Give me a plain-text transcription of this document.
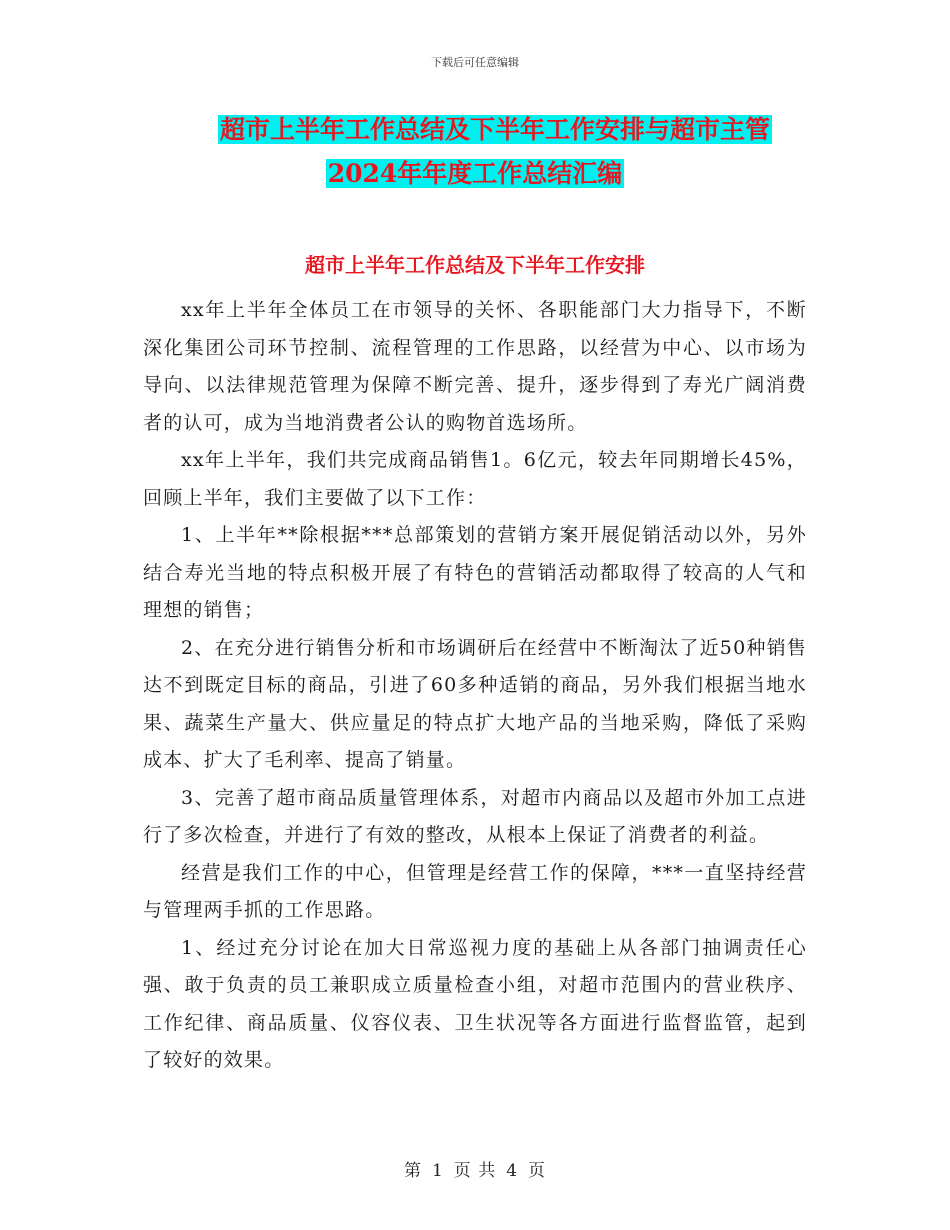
下载后可任意编辑
超市上半年工作总结及下半年工作安排与超市主管
2024年年度工作总结汇编
超市上半年工作总结及下半年工作安排

xx年上半年全体员工在市领导的关怀、各职能部门大力指导下，不断深化集团公司环节控制、流程管理的工作思路，以经营为中心、以市场为导向、以法律规范管理为保障不断完善、提升，逐步得到了寿光广阔消费者的认可，成为当地消费者公认的购物首选场所。

xx年上半年，我们共完成商品销售1。6亿元，较去年同期增长45%，回顾上半年，我们主要做了以下工作：

1、上半年**除根据***总部策划的营销方案开展促销活动以外，另外结合寿光当地的特点积极开展了有特色的营销活动都取得了较高的人气和理想的销售；

2、在充分进行销售分析和市场调研后在经营中不断淘汰了近50种销售达不到既定目标的商品，引进了60多种适销的商品，另外我们根据当地水果、蔬菜生产量大、供应量足的特点扩大地产品的当地采购，降低了采购成本、扩大了毛利率、提高了销量。

3、完善了超市商品质量管理体系，对超市内商品以及超市外加工点进行了多次检查，并进行了有效的整改，从根本上保证了消费者的利益。

经营是我们工作的中心，但管理是经营工作的保障，***一直坚持经营与管理两手抓的工作思路。

1、经过充分讨论在加大日常巡视力度的基础上从各部门抽调责任心强、敢于负责的员工兼职成立质量检查小组，对超市范围内的营业秩序、工作纪律、商品质量、仪容仪表、卫生状况等各方面进行监督监管，起到了较好的效果。

第 1 页 共 4 页
